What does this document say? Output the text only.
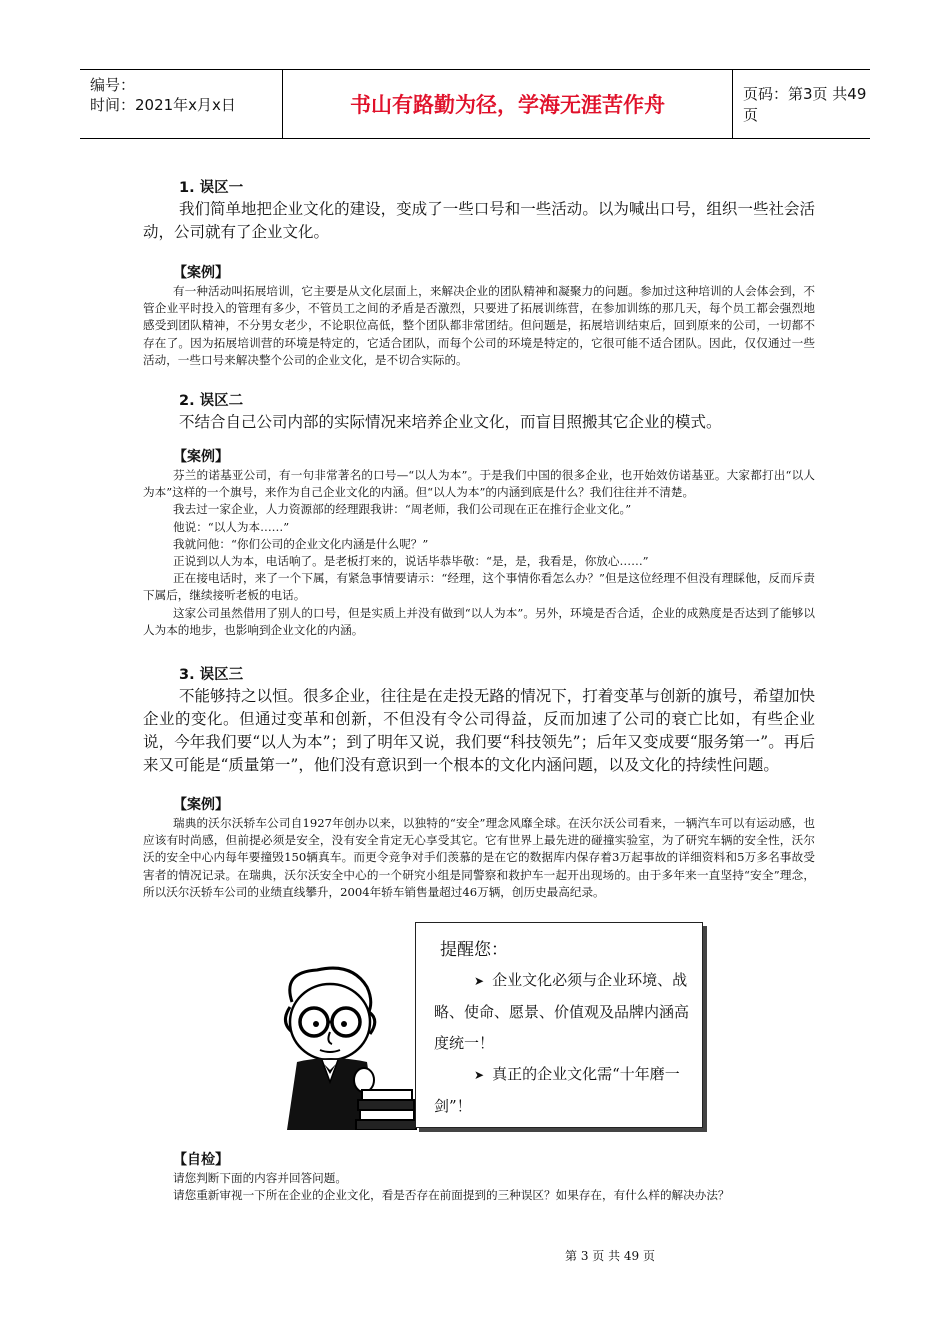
编号：
时间：2021年x月x日	书山有路勤为径，学海无涯苦作舟	页码：第3页 共49页
1. 误区一

我们简单地把企业文化的建设，变成了一些口号和一些活动。以为喊出口号，组织一些社会活动，公司就有了企业文化。

【案例】

有一种活动叫拓展培训，它主要是从文化层面上，来解决企业的团队精神和凝聚力的问题。参加过这种培训的人会体会到，不管企业平时投入的管理有多少，不管员工之间的矛盾是否激烈，只要进了拓展训练营，在参加训练的那几天，每个员工都会强烈地感受到团队精神，不分男女老少，不论职位高低，整个团队都非常团结。但问题是，拓展培训结束后，回到原来的公司，一切都不存在了。因为拓展培训营的环境是特定的，它适合团队，而每个公司的环境是特定的，它很可能不适合团队。因此，仅仅通过一些活动，一些口号来解决整个公司的企业文化，是不切合实际的。

2. 误区二

不结合自己公司内部的实际情况来培养企业文化，而盲目照搬其它企业的模式。

【案例】

芬兰的诺基亚公司，有一句非常著名的口号—“以人为本”。于是我们中国的很多企业，也开始效仿诺基亚。大家都打出“以人为本”这样的一个旗号，来作为自己企业文化的内涵。但“以人为本”的内涵到底是什么？我们往往并不清楚。

我去过一家企业，人力资源部的经理跟我讲：“周老师，我们公司现在正在推行企业文化。”

他说：“以人为本……”

我就问他：“你们公司的企业文化内涵是什么呢？”

正说到以人为本，电话响了。是老板打来的，说话毕恭毕敬：“是，是，我看是，你放心……”

正在接电话时，来了一个下属，有紧急事情要请示：“经理，这个事情你看怎么办？”但是这位经理不但没有理睬他，反而斥责下属后，继续接听老板的电话。

这家公司虽然借用了别人的口号，但是实质上并没有做到“以人为本”。另外，环境是否合适，企业的成熟度是否达到了能够以人为本的地步，也影响到企业文化的内涵。

3. 误区三

不能够持之以恒。很多企业，往往是在走投无路的情况下，打着变革与创新的旗号，希望加快企业的变化。但通过变革和创新，不但没有令公司得益，反而加速了公司的衰亡比如，有些企业说，今年我们要“以人为本”；到了明年又说，我们要“科技领先”；后年又变成要“服务第一”。再后来又可能是“质量第一”，他们没有意识到一个根本的文化内涵问题，以及文化的持续性问题。

【案例】

瑞典的沃尔沃轿车公司自1927年创办以来，以独特的“安全”理念风靡全球。在沃尔沃公司看来，一辆汽车可以有运动感，也应该有时尚感，但前提必须是安全，没有安全肯定无心享受其它。它有世界上最先进的碰撞实验室，为了研究车辆的安全性，沃尔沃的安全中心内每年要撞毁150辆真车。而更令竞争对手们羡慕的是在它的数据库内保存着3万起事故的详细资料和5万多名事故受害者的情况记录。在瑞典，沃尔沃安全中心的一个研究小组是同警察和救护车一起开出现场的。由于多年来一直坚持“安全”理念，所以沃尔沃轿车公司的业绩直线攀升，2004年轿车销售量超过46万辆，创历史最高纪录。

提醒您：
➤ 企业文化必须与企业环境、战略、使命、愿景、价值观及品牌内涵高度统一！
➤ 真正的企业文化需“十年磨一剑”！
【自检】

请您判断下面的内容并回答问题。

请您重新审视一下所在企业的企业文化，看是否存在前面提到的三种误区？如果存在，有什么样的解决办法？

第 3 页 共 49 页
